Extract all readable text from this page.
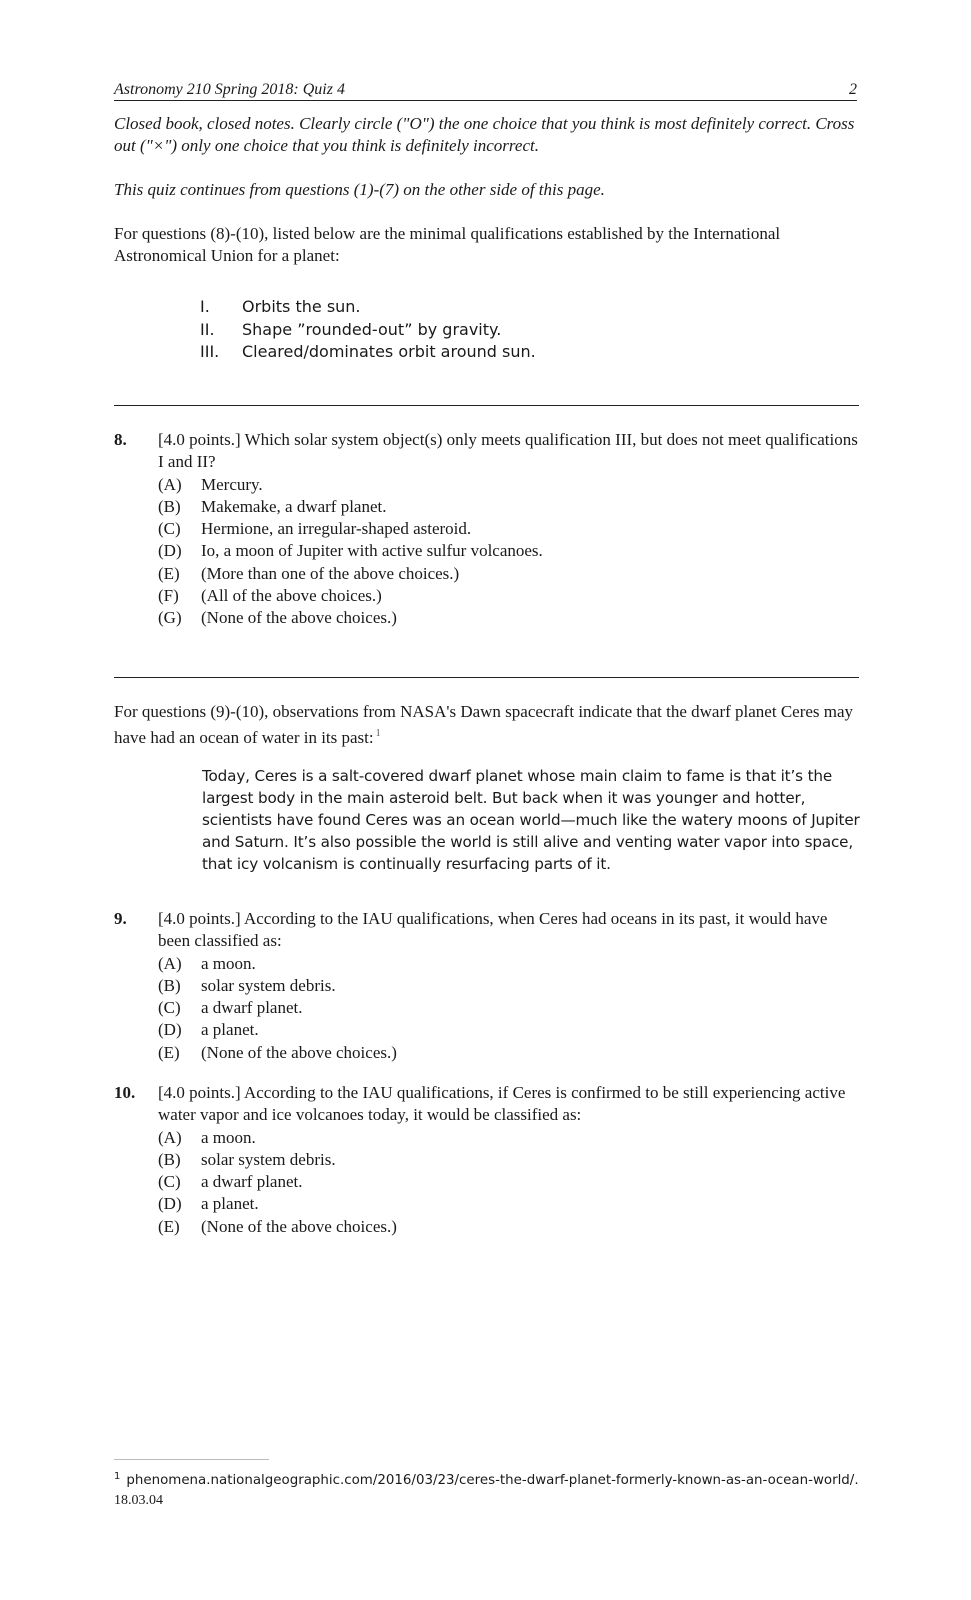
Astronomy 210 Spring 2018: Quiz 4	2
Closed book, closed notes. Clearly circle ("O") the one choice that you think is most definitely correct. Cross out ("×") only one choice that you think is definitely incorrect.
This quiz continues from questions (1)-(7) on the other side of this page.
For questions (8)-(10), listed below are the minimal qualifications established by the International Astronomical Union for a planet:
I. Orbits the sun.
II. Shape ”rounded-out” by gravity.
III. Cleared/dominates orbit around sun.
8. [4.0 points.] Which solar system object(s) only meets qualification III, but does not meet qualifications I and II?
(A) Mercury.
(B) Makemake, a dwarf planet.
(C) Hermione, an irregular-shaped asteroid.
(D) Io, a moon of Jupiter with active sulfur volcanoes.
(E) (More than one of the above choices.)
(F) (All of the above choices.)
(G) (None of the above choices.)
For questions (9)-(10), observations from NASA's Dawn spacecraft indicate that the dwarf planet Ceres may have had an ocean of water in its past: $^1$
Today, Ceres is a salt-covered dwarf planet whose main claim to fame is that it’s the largest body in the main asteroid belt. But back when it was younger and hotter, scientists have found Ceres was an ocean world—much like the watery moons of Jupiter and Saturn. It’s also possible the world is still alive and venting water vapor into space, that icy volcanism is continually resurfacing parts of it.
9. [4.0 points.] According to the IAU qualifications, when Ceres had oceans in its past, it would have been classified as:
(A) a moon.
(B) solar system debris.
(C) a dwarf planet.
(D) a planet.
(E) (None of the above choices.)
10. [4.0 points.] According to the IAU qualifications, if Ceres is confirmed to be still experiencing active water vapor and ice volcanoes today, it would be classified as:
(A) a moon.
(B) solar system debris.
(C) a dwarf planet.
(D) a planet.
(E) (None of the above choices.)
$^1$ phenomena.nationalgeographic.com/2016/03/23/ceres-the-dwarf-planet-formerly-known-as-an-ocean-world/.
18.03.04
